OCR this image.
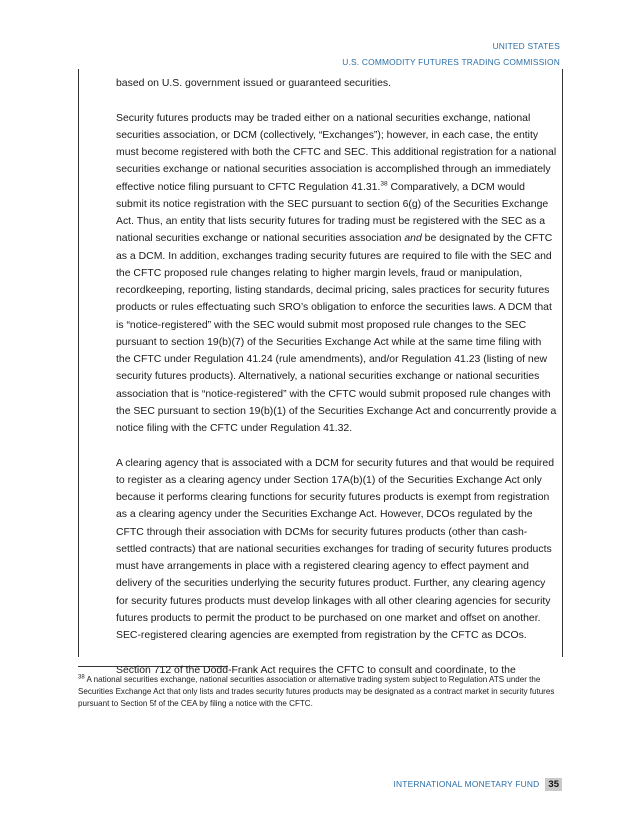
UNITED STATES
U.S. COMMODITY FUTURES TRADING COMMISSION

based on U.S. government issued or guaranteed securities.

Security futures products may be traded either on a national securities exchange, national securities association, or DCM (collectively, “Exchanges”); however, in each case, the entity must become registered with both the CFTC and SEC. This additional registration for a national securities exchange or national securities association is accomplished through an immediately effective notice filing pursuant to CFTC Regulation 41.31.38 Comparatively, a DCM would submit its notice registration with the SEC pursuant to section 6(g) of the Securities Exchange Act. Thus, an entity that lists security futures for trading must be registered with the SEC as a national securities exchange or national securities association and be designated by the CFTC as a DCM. In addition, exchanges trading security futures are required to file with the SEC and the CFTC proposed rule changes relating to higher margin levels, fraud or manipulation, recordkeeping, reporting, listing standards, decimal pricing, sales practices for security futures products or rules effectuating such SRO’s obligation to enforce the securities laws. A DCM that is “notice-registered” with the SEC would submit most proposed rule changes to the SEC pursuant to section 19(b)(7) of the Securities Exchange Act while at the same time filing with the CFTC under Regulation 41.24 (rule amendments), and/or Regulation 41.23 (listing of new security futures products). Alternatively, a national securities exchange or national securities association that is “notice-registered” with the CFTC would submit proposed rule changes with the SEC pursuant to section 19(b)(1) of the Securities Exchange Act and concurrently provide a notice filing with the CFTC under Regulation 41.32.

A clearing agency that is associated with a DCM for security futures and that would be required to register as a clearing agency under Section 17A(b)(1) of the Securities Exchange Act only because it performs clearing functions for security futures products is exempt from registration as a clearing agency under the Securities Exchange Act. However, DCOs regulated by the CFTC through their association with DCMs for security futures products (other than cash-settled contracts) that are national securities exchanges for trading of security futures products must have arrangements in place with a registered clearing agency to effect payment and delivery of the securities underlying the security futures product. Further, any clearing agency for security futures products must develop linkages with all other clearing agencies for security futures products to permit the product to be purchased on one market and offset on another. SEC-registered clearing agencies are exempted from registration by the CFTC as DCOs.

Section 712 of the Dodd-Frank Act requires the CFTC to consult and coordinate, to the

$^{38}$ A national securities exchange, national securities association or alternative trading system subject to Regulation ATS under the Securities Exchange Act that only lists and trades security futures products may be designated as a contract market in security futures pursuant to Section 5f of the CEA by filing a notice with the CFTC.
INTERNATIONAL MONETARY FUND 35
